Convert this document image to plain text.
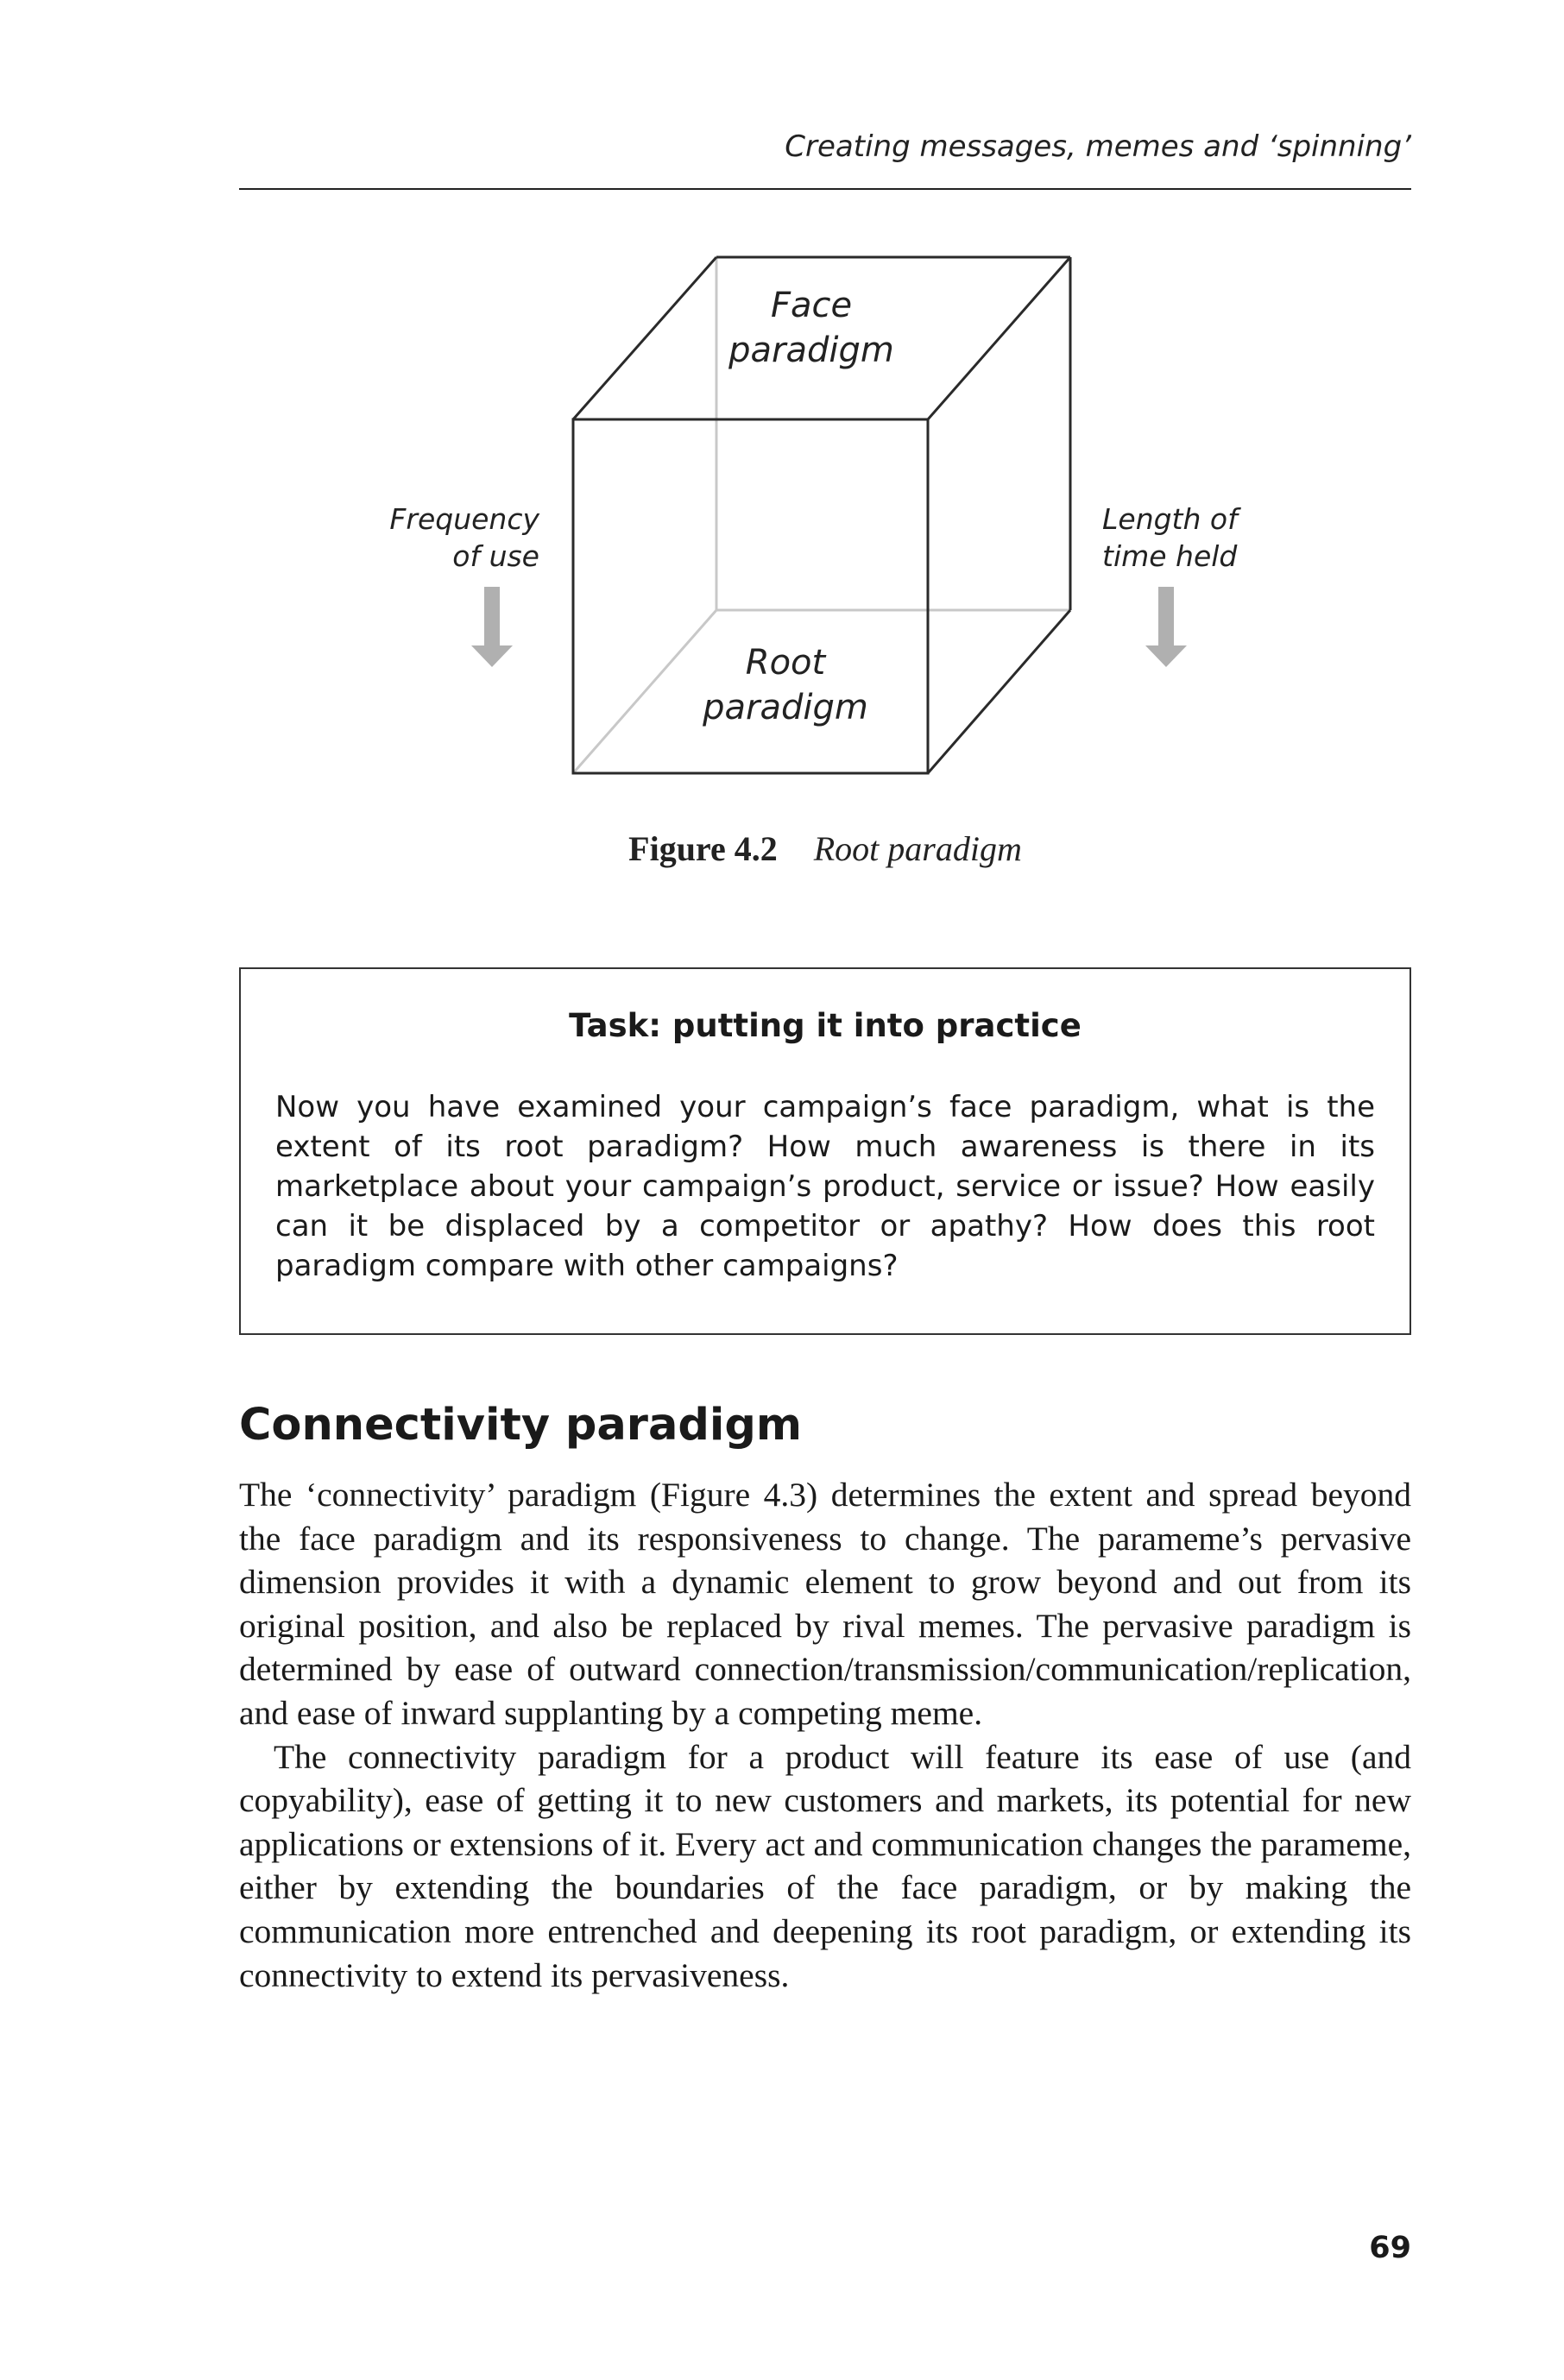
Creating messages, memes and ‘spinning’
Face
paradigm
Root
paradigm
Frequency
of use
Length of
time held
Figure 4.2 Root paradigm
Task: putting it into practice
Now you have examined your campaign’s face paradigm, what is the extent of its root paradigm? How much awareness is there in its marketplace about your campaign’s product, service or issue? How easily can it be displaced by a competitor or apathy? How does this root paradigm compare with other campaigns?
Connectivity paradigm

The ‘connectivity’ paradigm (Figure 4.3) determines the extent and spread beyond the face paradigm and its responsiveness to change. The parameme’s pervasive dimension provides it with a dynamic element to grow beyond and out from its original position, and also be replaced by rival memes. The pervasive paradigm is determined by ease of outward connection/transmission/communication/replication, and ease of inward supplanting by a competing meme.

The connectivity paradigm for a product will feature its ease of use (and copyability), ease of getting it to new customers and markets, its potential for new applications or extensions of it. Every act and communication changes the parameme, either by extending the boundaries of the face paradigm, or by making the communication more entrenched and deepening its root paradigm, or extending its connectivity to extend its pervasiveness.

69
